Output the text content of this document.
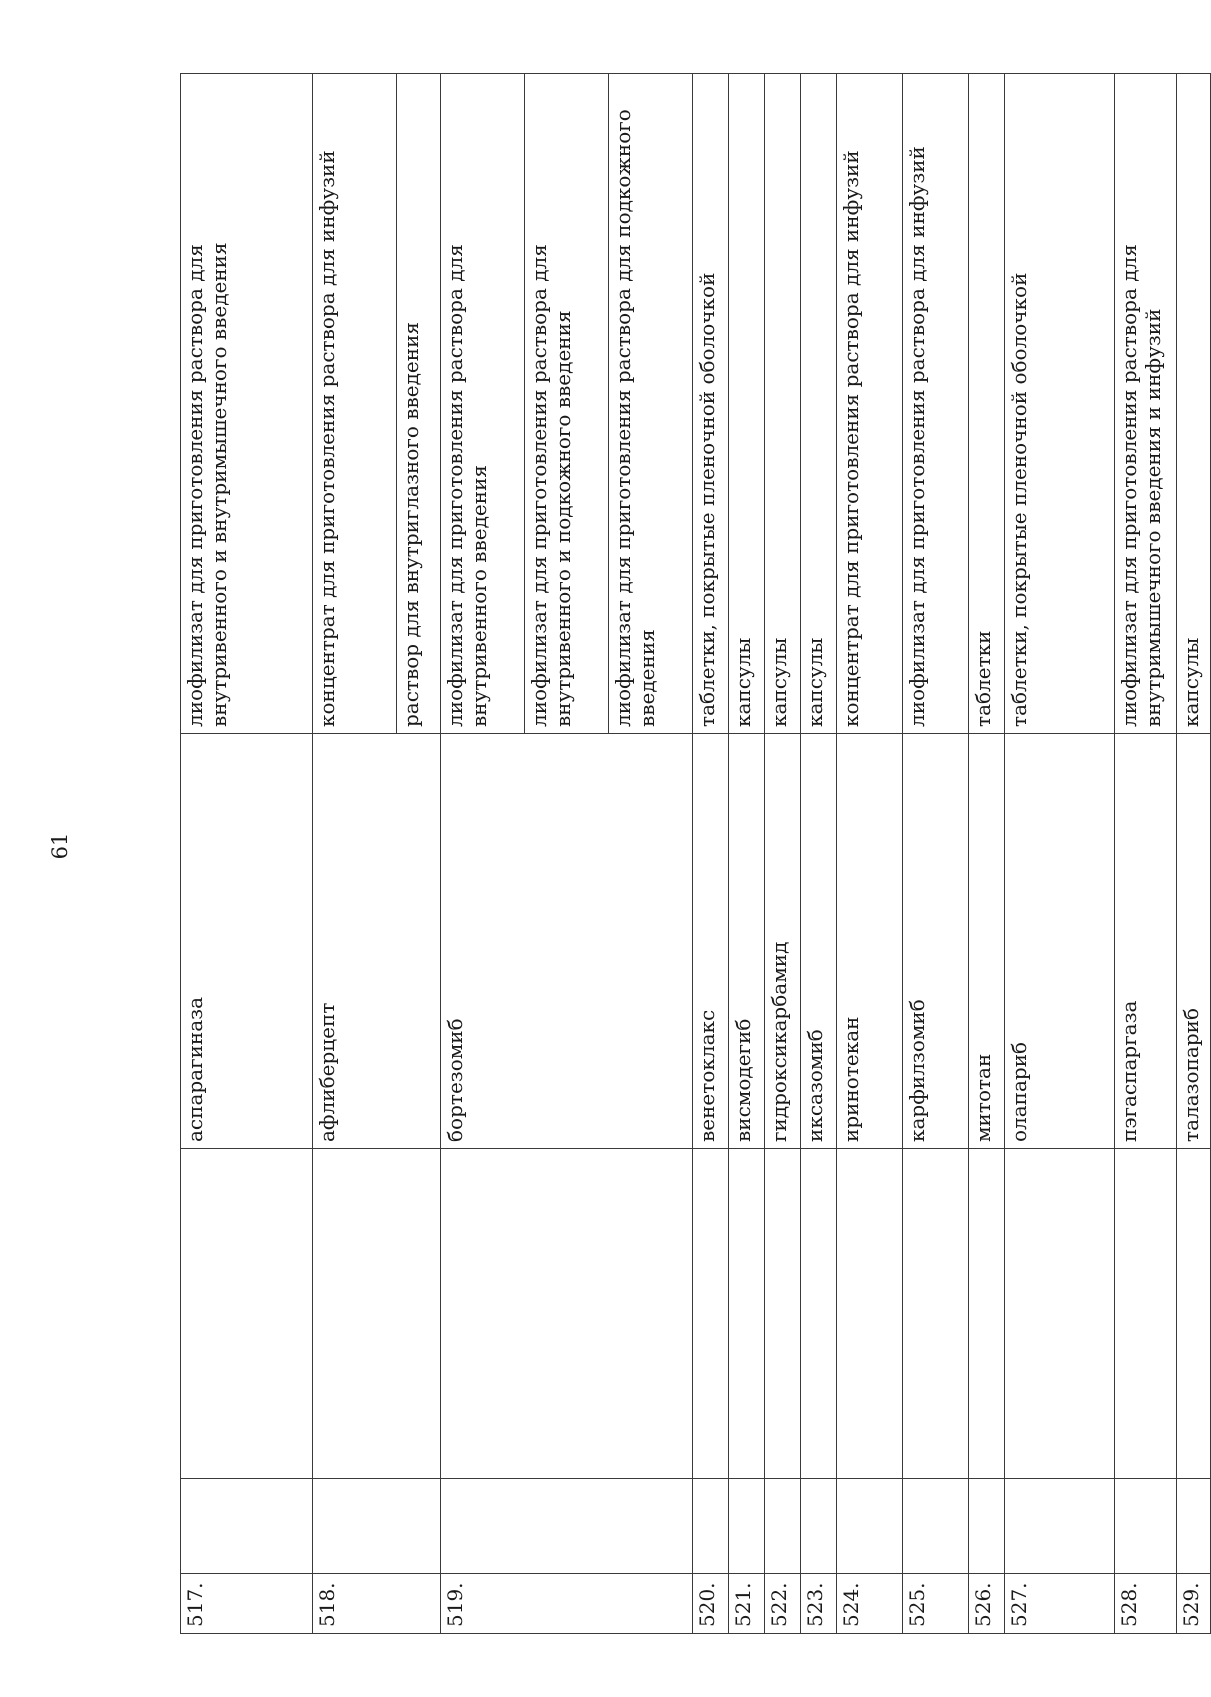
61
517.			аспарагиназа	лиофилизат для приготовления раствора для внутривенного и внутримышечного введения
518.			афлиберцепт	концентрат для приготовления раствора для инфузий
				раствор для внутриглазного введения
519.			бортезомиб	лиофилизат для приготовления раствора для внутривенного введения
				лиофилизат для приготовления раствора для внутривенного и подкожного введения
				лиофилизат для приготовления раствора для подкожного введения
520.			венетоклакс	таблетки, покрытые пленочной оболочкой
521.			висмодегиб	капсулы
522.			гидроксикарбамид	капсулы
523.			иксазомиб	капсулы
524.			иринотекан	концентрат для приготовления раствора для инфузий
525.			карфилзомиб	лиофилизат для приготовления раствора для инфузий
526.			митотан	таблетки
527.			олапариб	таблетки, покрытые пленочной оболочкой
528.			пэгаспаргаза	лиофилизат для приготовления раствора для внутримышечного введения и инфузий
529.			талазопариб	капсулы
